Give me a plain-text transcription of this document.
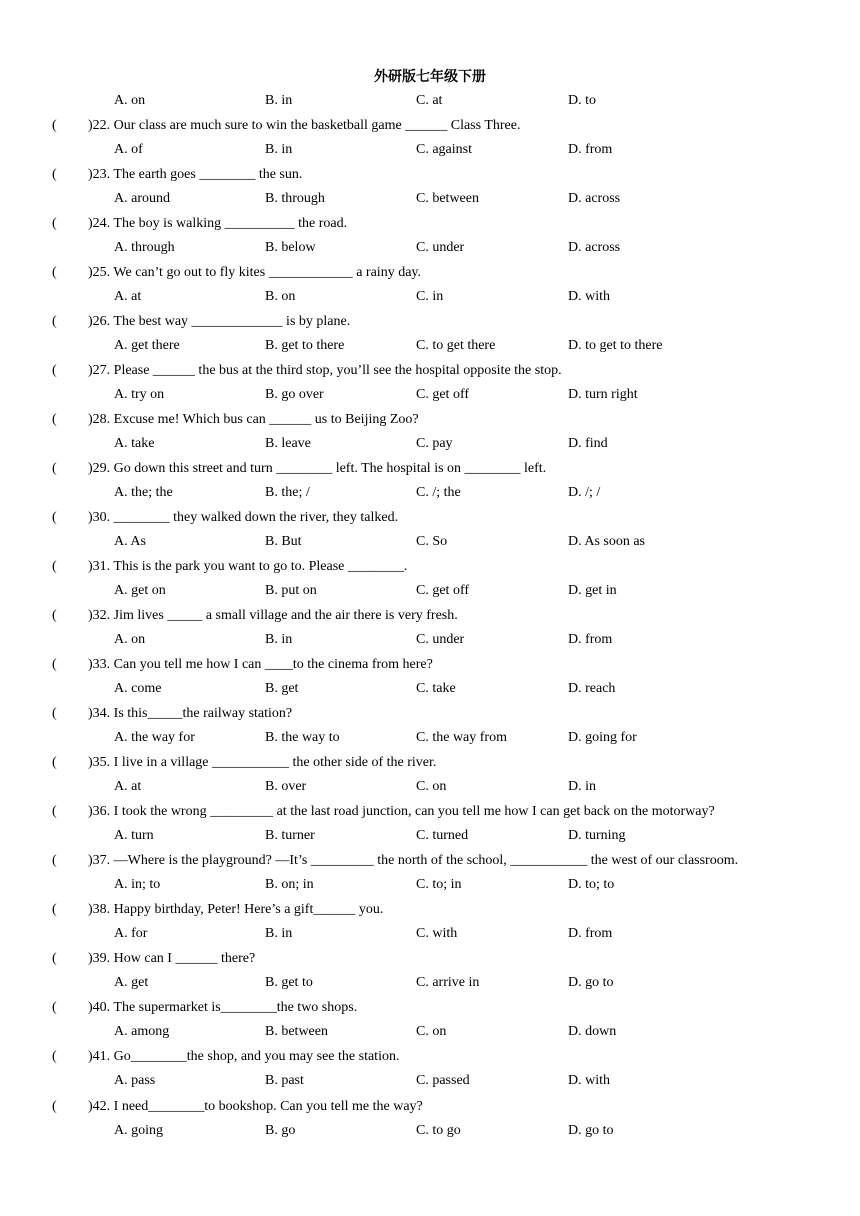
外研版七年级下册
A. on	B. in	C. at	D. to
( )22. Our class are much sure to win the basketball game ______ Class Three.
A. of	B. in	C. against	D. from
( )23. The earth goes ________ the sun.
A. around	B. through	C. between	D. across
( )24. The boy is walking __________ the road.
A. through	B. below	C. under	D. across
( )25. We can’t go out to fly kites ____________ a rainy day.
A. at	B. on	C. in	D. with
( )26. The best way _____________ is by plane.
A. get there	B. get to there	C. to get there	D. to get to there
( )27. Please ______ the bus at the third stop, you’ll see the hospital opposite the stop.
A. try on	B. go over	C. get off	D. turn right
( )28. Excuse me! Which bus can ______ us to Beijing Zoo?
A. take	B. leave	C. pay	D. find
( )29. Go down this street and turn ________ left. The hospital is on ________ left.
A. the; the	B. the; /	C. /; the	D. /; /
( )30. ________ they walked down the river, they talked.
A. As	B. But	C. So	D. As soon as
( )31. This is the park you want to go to. Please ________.
A. get on	B. put on	C. get off	D. get in
( )32. Jim lives _____ a small village and the air there is very fresh.
A. on	B. in	C. under	D. from
( )33. Can you tell me how I can ____to the cinema from here?
A. come	B. get	C. take	D. reach
( )34. Is this_____the railway station?
A. the way for	B. the way to	C. the way from	D. going for
( )35. I live in a village ___________ the other side of the river.
A. at	B. over	C. on	D. in
( )36. I took the wrong _________ at the last road junction, can you tell me how I can get back on the motorway?
A. turn	B. turner	C. turned	D. turning
( )37. —Where is the playground? —It’s _________ the north of the school, ___________ the west of our classroom.
A. in; to	B. on; in	C. to; in	D. to; to
( )38. Happy birthday, Peter! Here’s a gift______ you.
A. for	B. in	C. with	D. from
( )39. How can I ______ there?
A. get	B. get to	C. arrive in	D. go to
( )40. The supermarket is________the two shops.
A. among	B. between	C. on	D. down
( )41. Go________the shop, and you may see the station.
A. pass	B. past	C. passed	D. with
( )42. I need________to bookshop. Can you tell me the way?
A. going	B. go	C. to go	D. go to
